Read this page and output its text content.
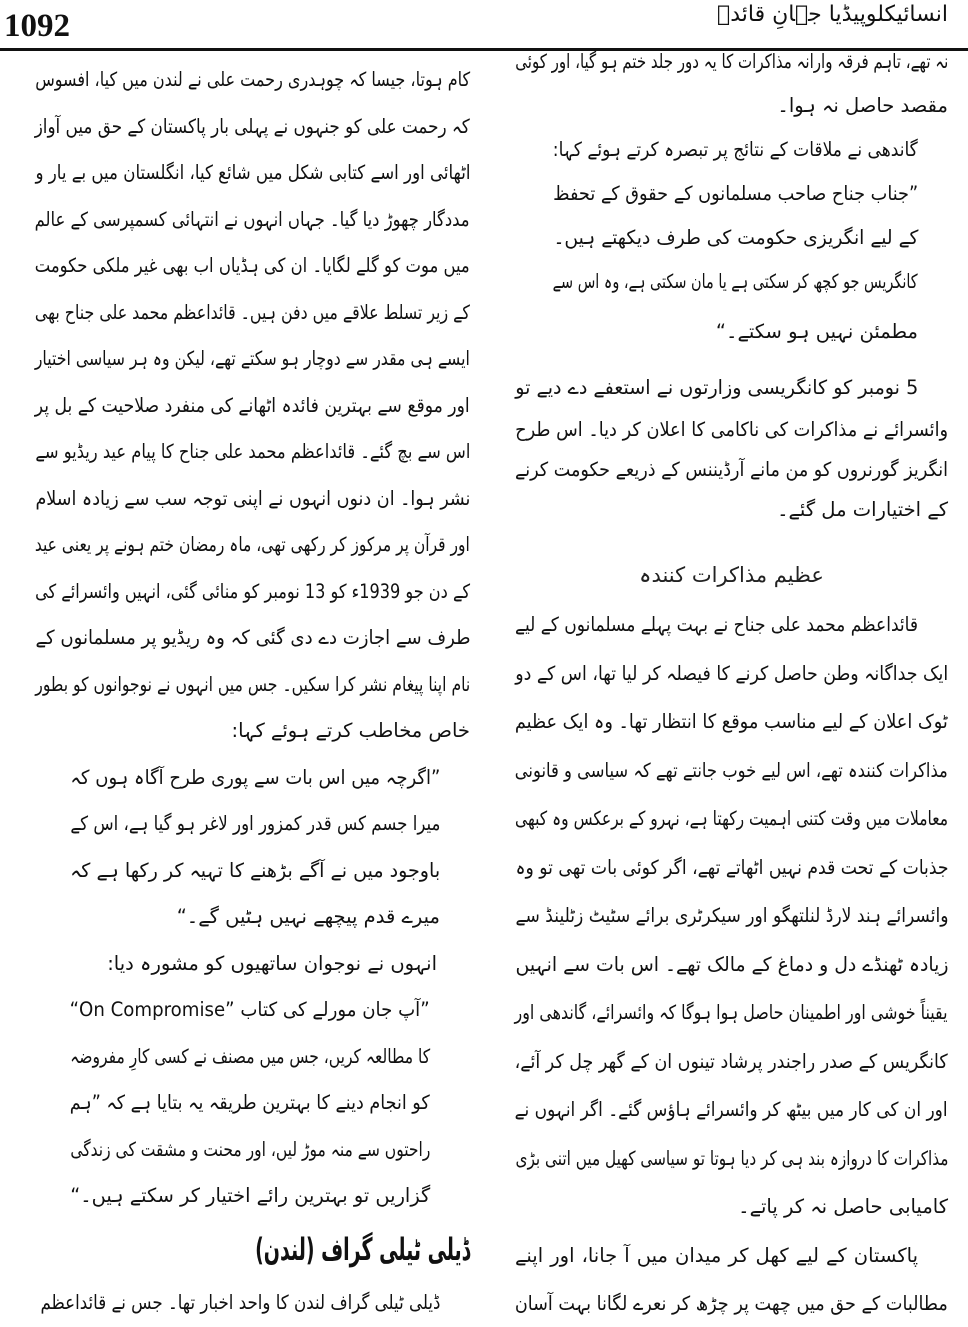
انسائیکلوپیڈیا جہانِ قائدؒ
1092
نہ تھے، تاہم فرقہ وارانہ مذاکرات کا یہ دور جلد ختم ہو گیا، اور کوئی
مقصد حاصل نہ ہوا۔
گاندھی نے ملاقات کے نتائج پر تبصرہ کرتے ہوئے کہا:
”جناب جناح صاحب مسلمانوں کے حقوق کے تحفظ
کے لیے انگریزی حکومت کی طرف دیکھتے ہیں۔
کانگریس جو کچھ کر سکتی ہے یا مان سکتی ہے، وہ اس سے
مطمئن نہیں ہو سکتے۔“
5 نومبر کو کانگریسی وزارتوں نے استعفے دے دیے تو
وائسرائے نے مذاکرات کی ناکامی کا اعلان کر دیا۔ اس طرح
انگریز گورنروں کو من مانے آرڈیننس کے ذریعے حکومت کرنے
کے اختیارات مل گئے۔
عظیم مذاکرات کنندہ
قائداعظم محمد علی جناح نے بہت پہلے مسلمانوں کے لیے
ایک جداگانہ وطن حاصل کرنے کا فیصلہ کر لیا تھا، اس کے دو
ٹوک اعلان کے لیے مناسب موقع کا انتظار تھا۔ وہ ایک عظیم
مذاکرات کنندہ تھے، اس لیے خوب جانتے تھے کہ سیاسی و قانونی
معاملات میں وقت کتنی اہمیت رکھتا ہے، نہرو کے برعکس وہ کبھی
جذبات کے تحت قدم نہیں اٹھاتے تھے، اگر کوئی بات تھی تو وہ
وائسرائے ہند لارڈ لنلتھگو اور سیکرٹری برائے سٹیٹ زٹلینڈ سے
زیادہ ٹھنڈے دل و دماغ کے مالک تھے۔ اس بات سے انہیں
یقیناً خوشی اور اطمینان حاصل ہوا ہوگا کہ وائسرائے، گاندھی اور
کانگریس کے صدر راجندر پرشاد تینوں ان کے گھر چل کر آئے،
اور ان کی کار میں بیٹھ کر وائسرائے ہاؤس گئے۔ اگر انہوں نے
مذاکرات کا دروازہ بند ہی کر دیا ہوتا تو سیاسی کھیل میں اتنی بڑی
کامیابی حاصل نہ کر پاتے۔
پاکستان کے لیے کھل کر میدان میں آ جانا، اور اپنے
مطالبات کے حق میں چھت پر چڑھ کر نعرے لگانا بہت آسان
کام ہوتا، جیسا کہ چوہدری رحمت علی نے لندن میں کیا، افسوس
کہ رحمت علی کو جنہوں نے پہلی بار پاکستان کے حق میں آواز
اٹھائی اور اسے کتابی شکل میں شائع کیا، انگلستان میں بے یار و
مددگار چھوڑ دیا گیا۔ جہاں انہوں نے انتہائی کسمپرسی کے عالم
میں موت کو گلے لگایا۔ ان کی ہڈیاں اب بھی غیر ملکی حکومت
کے زیر تسلط علاقے میں دفن ہیں۔ قائداعظم محمد علی جناح بھی
ایسے ہی مقدر سے دوچار ہو سکتے تھے، لیکن وہ ہر سیاسی اختیار
اور موقع سے بہترین فائدہ اٹھانے کی منفرد صلاحیت کے بل پر
اس سے بچ گئے۔ قائداعظم محمد علی جناح کا پیام عید ریڈیو سے
نشر ہوا۔ ان دنوں انہوں نے اپنی توجہ سب سے زیادہ اسلام
اور قرآن پر مرکوز کر رکھی تھی، ماہ رمضان ختم ہونے پر یعنی عید
کے دن جو 1939ء کو 13 نومبر کو منائی گئی، انہیں وائسرائے کی
طرف سے اجازت دے دی گئی کہ وہ ریڈیو پر مسلمانوں کے
نام اپنا پیغام نشر کرا سکیں۔ جس میں انہوں نے نوجوانوں کو بطور
خاص مخاطب کرتے ہوئے کہا:
”اگرچہ میں اس بات سے پوری طرح آگاہ ہوں کہ
میرا جسم کس قدر کمزور اور لاغر ہو گیا ہے، اس کے
باوجود میں نے آگے بڑھنے کا تہیہ کر رکھا ہے کہ
میرے قدم پیچھے نہیں ہٹیں گے۔“
انہوں نے نوجوان ساتھیوں کو مشورہ دیا:
”آپ جان مورلے کی کتاب ”On Compromise“
کا مطالعہ کریں، جس میں مصنف نے کسی کارِ مفروضہ
کو انجام دینے کا بہترین طریقہ یہ بتایا ہے کہ ”ہم
راحتوں سے منہ موڑ لیں، اور محنت و مشقت کی زندگی
گزاریں تو بہترین رائے اختیار کر سکتے ہیں۔“
ڈیلی ٹیلی گراف (لندن)
ڈیلی ٹیلی گراف لندن کا واحد اخبار تھا۔ جس نے قائداعظم
